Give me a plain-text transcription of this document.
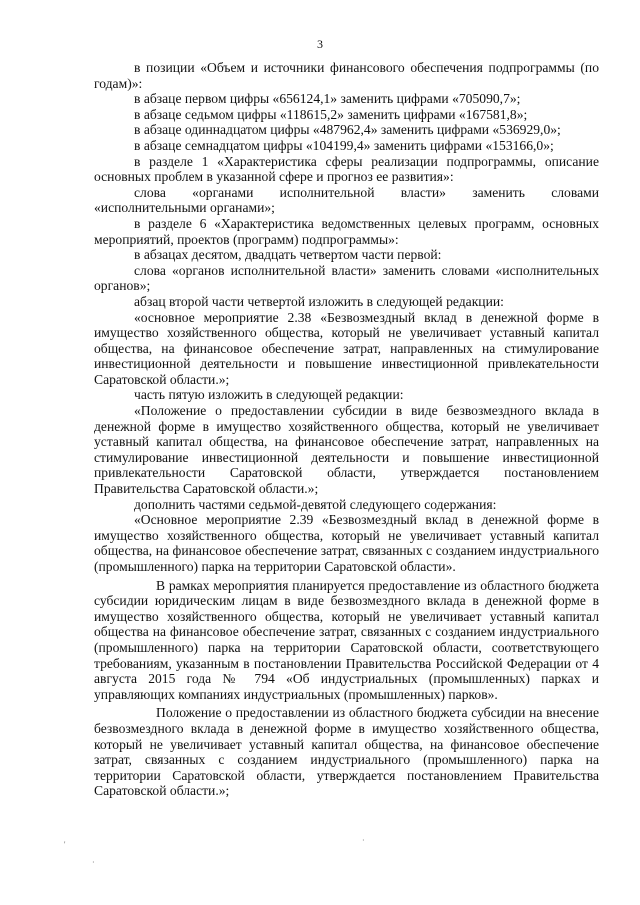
3

в позиции «Объем и источники финансового обеспечения подпрограммы (по годам)»:

в абзаце первом цифры «656124,1» заменить цифрами «705090,7»;

в абзаце седьмом цифры «118615,2» заменить цифрами «167581,8»;

в абзаце одиннадцатом цифры «487962,4» заменить цифрами «536929,0»;

в абзаце семнадцатом цифры «104199,4» заменить цифрами «153166,0»;

в разделе 1 «Характеристика сферы реализации подпрограммы, описание основных проблем в указанной сфере и прогноз ее развития»:

слова «органами исполнительной власти» заменить словами «исполнительными органами»;

в разделе 6 «Характеристика ведомственных целевых программ, основных мероприятий, проектов (программ) подпрограммы»:

в абзацах десятом, двадцать четвертом части первой:

слова «органов исполнительной власти» заменить словами «исполнительных органов»;

абзац второй части четвертой изложить в следующей редакции:

«основное мероприятие 2.38 «Безвозмездный вклад в денежной форме в имущество хозяйственного общества, который не увеличивает уставный капитал общества, на финансовое обеспечение затрат, направленных на стимулирование инвестиционной деятельности и повышение инвестиционной привлекательности Саратовской области.»;

часть пятую изложить в следующей редакции:

«Положение о предоставлении субсидии в виде безвозмездного вклада в денежной форме в имущество хозяйственного общества, который не увеличивает уставный капитал общества, на финансовое обеспечение затрат, направленных на стимулирование инвестиционной деятельности и повышение инвестиционной привлекательности Саратовской области, утверждается постановлением Правительства Саратовской области.»;

дополнить частями седьмой-девятой следующего содержания:

«Основное мероприятие 2.39 «Безвозмездный вклад в денежной форме в имущество хозяйственного общества, который не увеличивает уставный капитал общества, на финансовое обеспечение затрат, связанных с созданием индустриального (промышленного) парка на территории Саратовской области».

В рамках мероприятия планируется предоставление из областного бюджета субсидии юридическим лицам в виде безвозмездного вклада в денежной форме в имущество хозяйственного общества, который не увеличивает уставный капитал общества на финансовое обеспечение затрат, связанных с созданием индустриального (промышленного) парка на территории Саратовской области, соответствующего требованиям, указанным в постановлении Правительства Российской Федерации от 4 августа 2015 года № 794 «Об индустриальных (промышленных) парках и управляющих компаниях индустриальных (промышленных) парков».

Положение о предоставлении из областного бюджета субсидии на внесение безвозмездного вклада в денежной форме в имущество хозяйственного общества, который не увеличивает уставный капитал общества, на финансовое обеспечение затрат, связанных с созданием индустриального (промышленного) парка на территории Саратовской области, утверждается постановлением Правительства Саратовской области.»;

'
·
·
